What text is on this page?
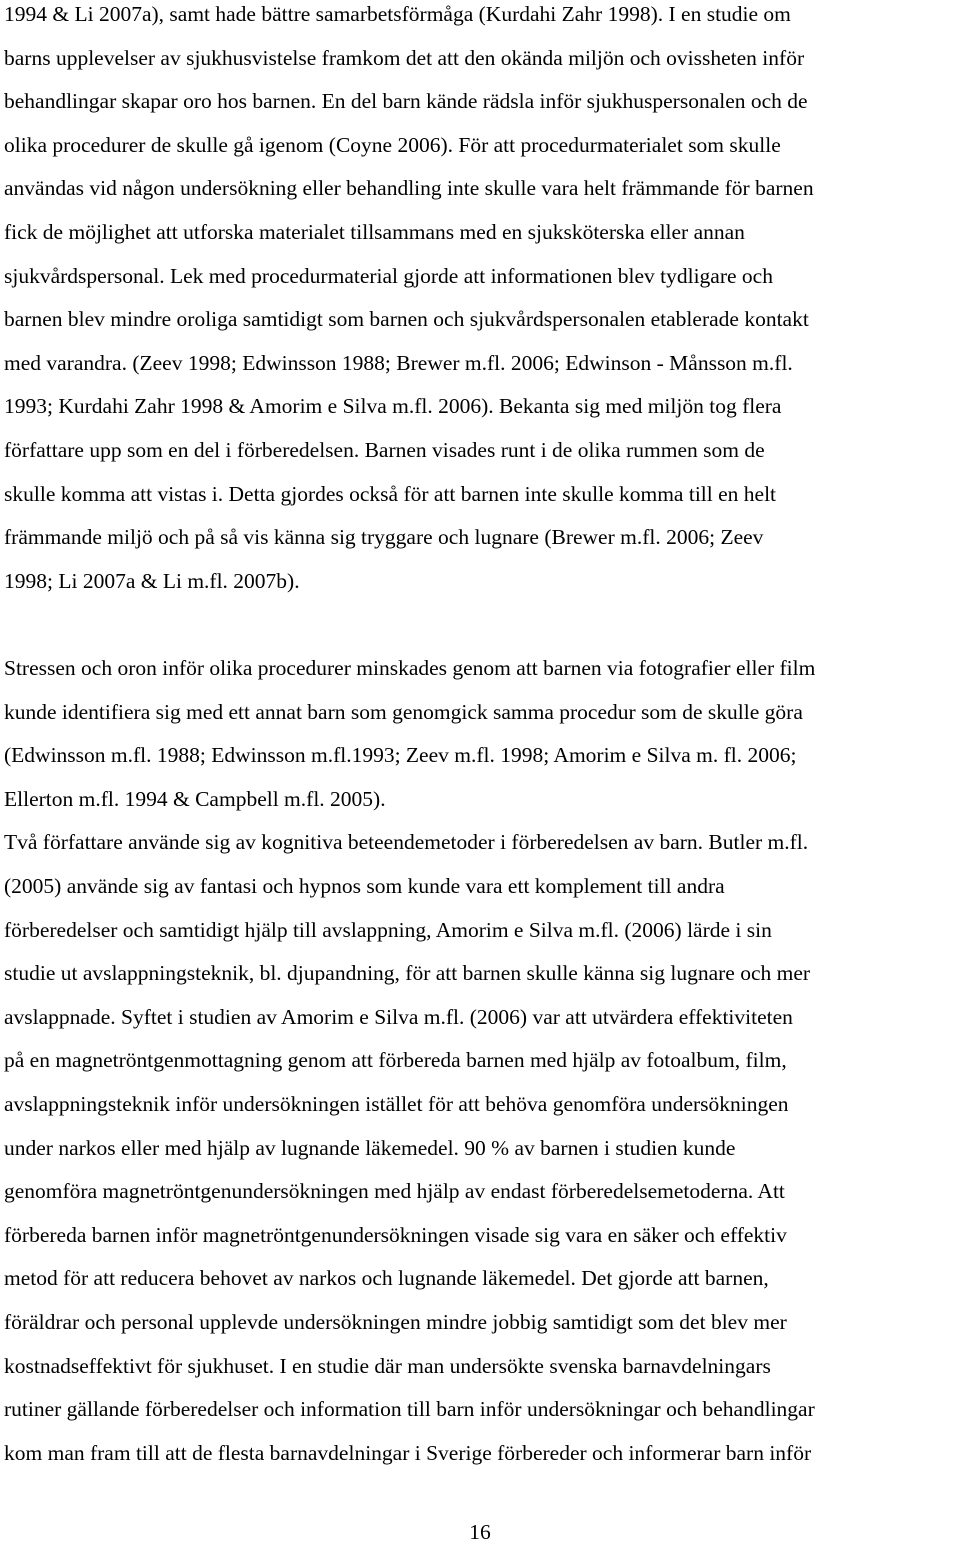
1994 & Li 2007a), samt hade bättre samarbetsförmåga (Kurdahi Zahr 1998). I en studie om
barns upplevelser av sjukhusvistelse framkom det att den okända miljön och ovissheten inför
behandlingar skapar oro hos barnen. En del barn kände rädsla inför sjukhuspersonalen och de
olika procedurer de skulle gå igenom (Coyne 2006). För att procedurmaterialet som skulle
användas vid någon undersökning eller behandling inte skulle vara helt främmande för barnen
fick de möjlighet att utforska materialet tillsammans med en sjuksköterska eller annan
sjukvårdspersonal. Lek med procedurmaterial gjorde att informationen blev tydligare och
barnen blev mindre oroliga samtidigt som barnen och sjukvårdspersonalen etablerade kontakt
med varandra. (Zeev 1998; Edwinsson 1988; Brewer m.fl. 2006; Edwinson - Månsson m.fl.
1993; Kurdahi Zahr 1998 & Amorim e Silva m.fl. 2006). Bekanta sig med miljön tog flera
författare upp som en del i förberedelsen. Barnen visades runt i de olika rummen som de
skulle komma att vistas i. Detta gjordes också för att barnen inte skulle komma till en helt
främmande miljö och på så vis känna sig tryggare och lugnare (Brewer m.fl. 2006; Zeev
1998; Li 2007a & Li m.fl. 2007b).
Stressen och oron inför olika procedurer minskades genom att barnen via fotografier eller film
kunde identifiera sig med ett annat barn som genomgick samma procedur som de skulle göra
(Edwinsson m.fl. 1988; Edwinsson m.fl.1993; Zeev m.fl. 1998; Amorim e Silva m. fl. 2006;
Ellerton m.fl. 1994 & Campbell m.fl. 2005).
Två författare använde sig av kognitiva beteendemetoder i förberedelsen av barn. Butler m.fl.
(2005) använde sig av fantasi och hypnos som kunde vara ett komplement till andra
förberedelser och samtidigt hjälp till avslappning, Amorim e Silva m.fl. (2006) lärde i sin
studie ut avslappningsteknik, bl. djupandning, för att barnen skulle känna sig lugnare och mer
avslappnade. Syftet i studien av Amorim e Silva m.fl. (2006) var att utvärdera effektiviteten
på en magnetröntgenmottagning genom att förbereda barnen med hjälp av fotoalbum, film,
avslappningsteknik inför undersökningen istället för att behöva genomföra undersökningen
under narkos eller med hjälp av lugnande läkemedel. 90 % av barnen i studien kunde
genomföra magnetröntgenundersökningen med hjälp av endast förberedelsemetoderna. Att
förbereda barnen inför magnetröntgenundersökningen visade sig vara en säker och effektiv
metod för att reducera behovet av narkos och lugnande läkemedel. Det gjorde att barnen,
föräldrar och personal upplevde undersökningen mindre jobbig samtidigt som det blev mer
kostnadseffektivt för sjukhuset. I en studie där man undersökte svenska barnavdelningars
rutiner gällande förberedelser och information till barn inför undersökningar och behandlingar
kom man fram till att de flesta barnavdelningar i Sverige förbereder och informerar barn inför
16
